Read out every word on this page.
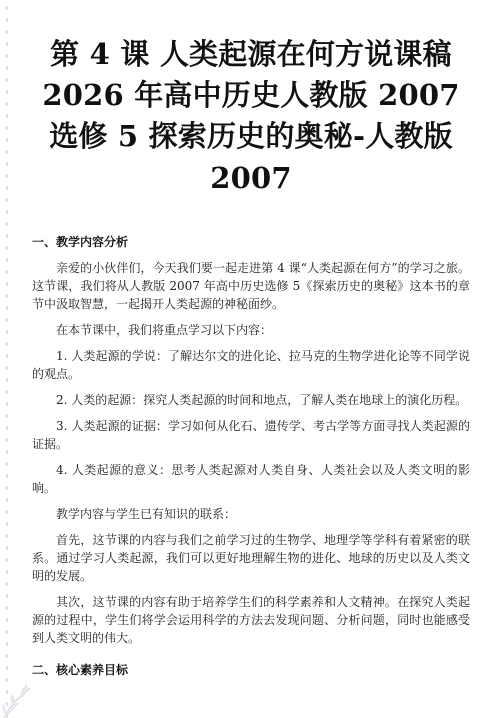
第 4 课 人类起源在何方说课稿 2026 年高中历史人教版 2007 选修 5 探索历史的奥秘-人教版 2007
一、教学内容分析

亲爱的小伙伴们，今天我们要一起走进第 4 课“人类起源在何方”的学习之旅。这节课，我们将从人教版 2007 年高中历史选修 5《探索历史的奥秘》这本书的章节中汲取智慧，一起揭开人类起源的神秘面纱。

在本节课中，我们将重点学习以下内容：

1. 人类起源的学说：了解达尔文的进化论、拉马克的生物学进化论等不同学说的观点。

2. 人类的起源：探究人类起源的时间和地点，了解人类在地球上的演化历程。

3. 人类起源的证据：学习如何从化石、遗传学、考古学等方面寻找人类起源的证据。

4. 人类起源的意义：思考人类起源对人类自身、人类社会以及人类文明的影响。

教学内容与学生已有知识的联系：

首先，这节课的内容与我们之前学习过的生物学、地理学等学科有着紧密的联系。通过学习人类起源，我们可以更好地理解生物的进化、地球的历史以及人类文明的发展。

其次，这节课的内容有助于培养学生们的科学素养和人文精神。在探究人类起源的过程中，学生们将学会运用科学的方法去发现问题、分析问题，同时也能感受到人类文明的伟大。

二、核心素养目标
